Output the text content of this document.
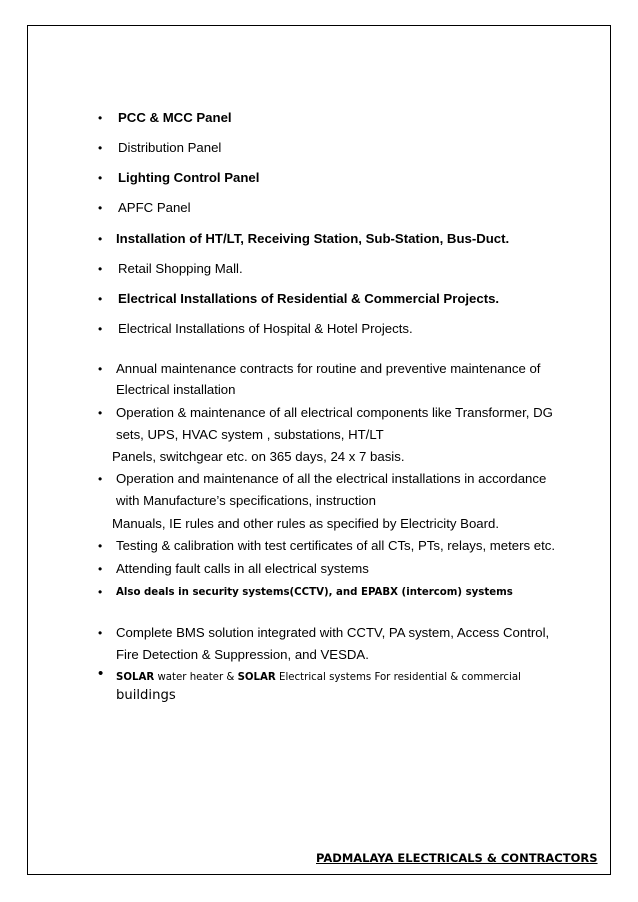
• PCC & MCC Panel
• Distribution Panel
• Lighting Control Panel
• APFC Panel
• Installation of HT/LT, Receiving Station, Sub-Station, Bus-Duct.
• Retail Shopping Mall.
• Electrical Installations of Residential & Commercial Projects.
• Electrical Installations of Hospital & Hotel Projects.
• Annual maintenance contracts for routine and preventive maintenance of
Electrical installation
• Operation & maintenance of all electrical components like Transformer, DG
sets, UPS, HVAC system , substations, HT/LT
Panels, switchgear etc. on 365 days, 24 x 7 basis.
• Operation and maintenance of all the electrical installations in accordance
with Manufacture’s specifications, instruction
Manuals, IE rules and other rules as specified by Electricity Board.
• Testing & calibration with test certificates of all CTs, PTs, relays, meters etc.
• Attending fault calls in all electrical systems
• Also deals in security systems(CCTV), and EPABX (intercom) systems
• Complete BMS solution integrated with CCTV, PA system, Access Control,
Fire Detection & Suppression, and VESDA.
• SOLAR water heater & SOLAR Electrical systems For residential & commercial
buildings
PADMALAYA ELECTRICALS & CONTRACTORS
